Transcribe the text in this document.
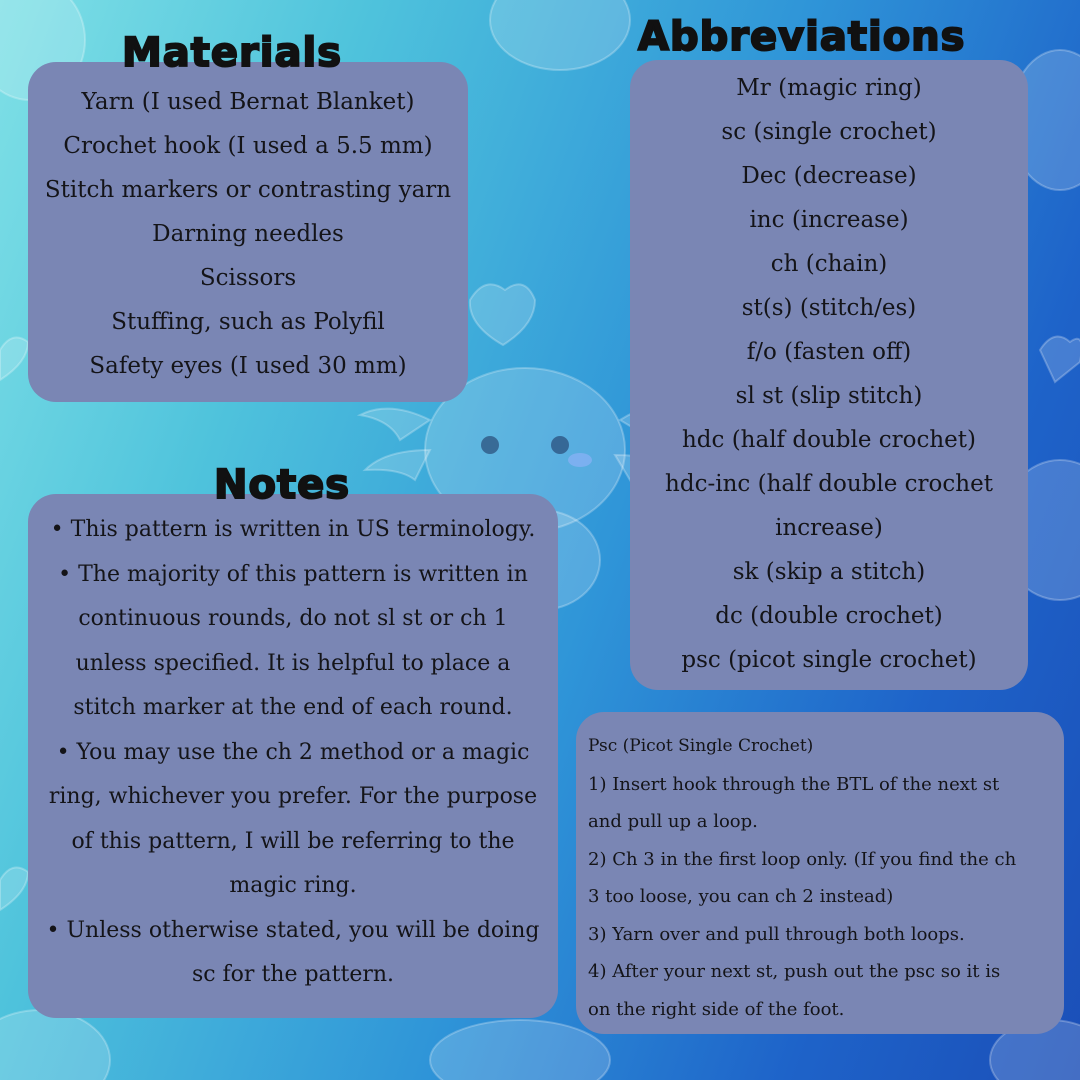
Materials
Yarn (I used Bernat Blanket)
Crochet hook (I used a 5.5 mm)
Stitch markers or contrasting yarn
Darning needles
Scissors
Stuffing, such as Polyfil
Safety eyes (I used 30 mm)
Abbreviations
Mr (magic ring)
sc (single crochet)
Dec (decrease)
inc (increase)
ch (chain)
st(s) (stitch/es)
f/o (fasten off)
sl st (slip stitch)
hdc (half double crochet)
hdc-inc (half double crochet
increase)
sk (skip a stitch)
dc (double crochet)
psc (picot single crochet)
Notes

• This pattern is written in US terminology.

• The majority of this pattern is written in continuous rounds, do not sl st or ch 1 unless specified. It is helpful to place a stitch marker at the end of each round.

• You may use the ch 2 method or a magic ring, whichever you prefer. For the purpose of this pattern, I will be referring to the magic ring.

• Unless otherwise stated, you will be doing sc for the pattern.

Psc (Picot Single Crochet)

1) Insert hook through the BTL of the next st

and pull up a loop.

2) Ch 3 in the first loop only. (If you find the ch

3 too loose, you can ch 2 instead)

3) Yarn over and pull through both loops.

4) After your next st, push out the psc so it is

on the right side of the foot.
